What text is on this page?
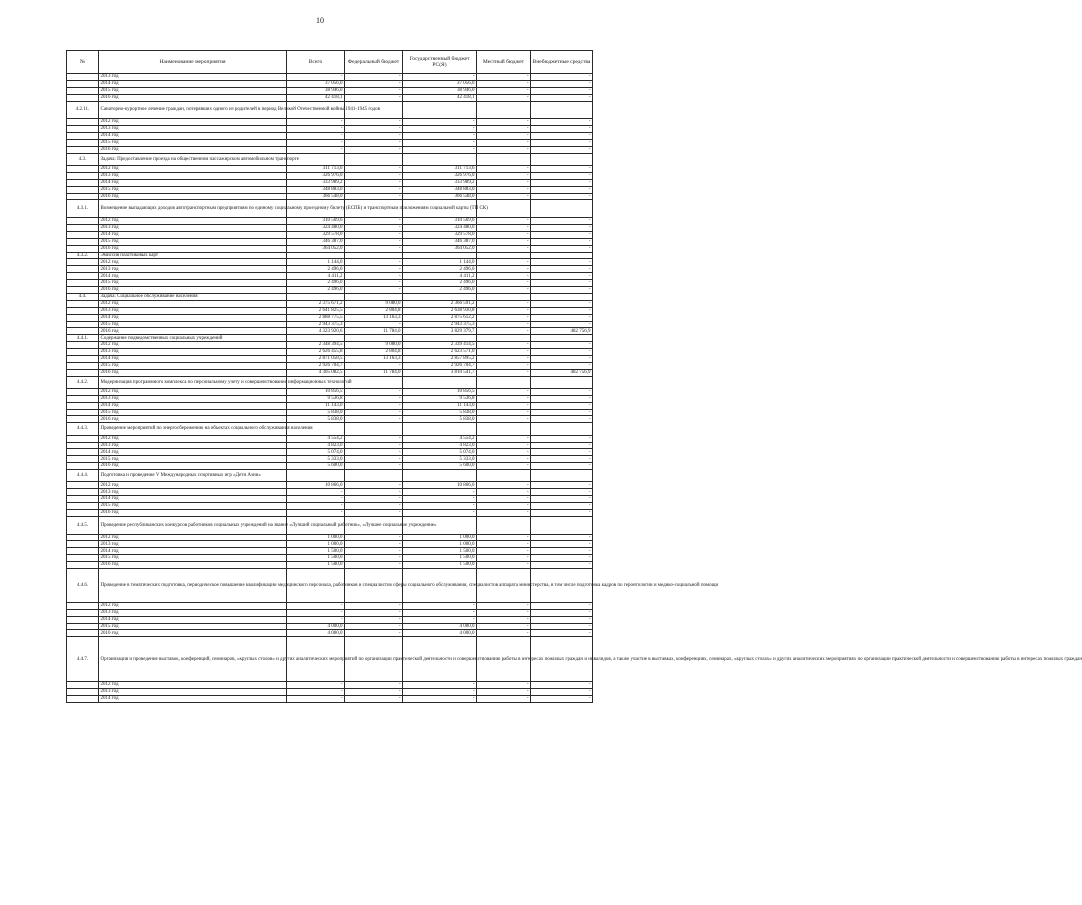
10
№	Наименование мероприятия	Всего	Федеральный бюджет	Государственный бюджет РС(Я)	Местный бюджет	Внебюджетные средства
	2013 год	-	-	-	-	-
	2014 год	37 056,0	-	37 056,0	-	-
	2015 год	38 946,0	-	38 946,0	-	-
	2016 год	42 418,1	-	42 418,1	-	-
4.2.11.	Санаторно-курортное лечение граждан, потерявших одного из родителей в период Великой Отечественной войны 1941-1945 годов					
	2012 год	-	-	-	-	-
	2013 год	-	-	-	-	-
	2014 год	-	-	-	-	-
	2015 год	-	-	-	-	-
	2016 год	-	-	-	-	-
4.3.	Задача: Предоставление проезда на общественном пассажирском автомобильном транспорте					
	2012 год	311 713,6	-	311 713,6	-	-
	2013 год	326 976,0	-	326 976,0	-	-
	2014 год	333 989,2	-	333 989,2	-	-
	2015 год	348 883,0	-	348 883,0	-	-
	2016 год	366 548,0	-	366 548,0	-	-
4.3.1.	Возмещение выпадающих доходов автотранспортным предприятиям по единому социальному проездному билету (ЕСПБ) и транспортным приложениям социальной карты (ТП СК)					
	2012 год	310 569,6	-	310 569,6	-	-
	2013 год	324 480,0	-	324 480,0	-	-
	2014 год	329 578,0	-	329 578,0	-	-
	2015 год	346 387,0	-	346 387,0	-	-
	2016 год	364 052,0	-	364 052,0	-	-
4.3.2.	Эмиссия пластиковых карт					
	2012 год	1 144,0	-	1 144,0	-	-
	2013 год	2 496,0	-	2 496,0	-	-
	2014 год	4 411,2	-	4 411,2	-	-
	2015 год	2 496,0	-	2 496,0	-	-
	2016 год	2 496,0	-	2 496,0	-	-
4.4.	Задача: Социальное обслуживание населения					
	2012 год	2 375 671,2	9 080,0	2 366 591,2	-	-
	2013 год	2 641 825,5	2 804,8	2 638 930,8	-	-
	2014 год	2 888 775,5	13 163,3	2 875 612,2	-	-
	2015 год	2 943 375,3	-	2 943 375,3	-	-
	2016 год	4 323 920,6	11 784,0	3 829 379,7	-	482 756,9
4.4.1.	Содержание подведомственных социальных учреждений					
	2012 год	2 348 394,5	9 080,0	2 339 414,5	-	-
	2013 год	2 626 455,8	2 804,8	2 623 571,0	-	-
	2014 год	2 871 058,5	13 163,3	2 857 895,2	-	-
	2015 год	2 926 704,7	-	2 926 704,7	-	-
	2016 год	4 305 082,5	11 784,0	3 810 541,7	-	482 756,9
4.4.2.	Модернизация программного комплекса по персональному учету и совершенствование информационных технологий					
	2012 год	10 856,5	-	10 856,5	-	-
	2013 год	9 536,8	-	9 536,8	-	-
	2014 год	11 143,0	-	11 143,0	-	-
	2015 год	5 838,0	-	5 838,0	-	-
	2016 год	5 838,0	-	5 838,0	-	-
4.4.3.	Проведение мероприятий по энергосбережению на объектах социального обслуживания населения					
	2012 год	4 554,2	-	4 554,2	-	-
	2013 год	4 823,0	-	4 823,0	-	-
	2014 год	5 074,0	-	5 074,0	-	-
	2015 год	5 333,0	-	5 333,0	-	-
	2016 год	5 600,0	-	5 600,0	-	-
4.4.4.	Подготовка и проведение V Международных спортивных игр «Дети Азии»					
	2012 год	10 866,0	-	10 866,0	-	-
	2013 год	-	-	-	-	-
	2014 год	-	-	-	-	-
	2015 год	-	-	-	-	-
	2016 год	-	-	-	-	-
4.4.5.	Проведение республиканских конкурсов работников социальных учреждений на звание «Лучший социальный работник», «Лучшее социальное учреждение»					
	2012 год	1 000,0	-	1 000,0	-	-
	2013 год	1 000,0	-	1 000,0	-	-
	2014 год	1 500,0	-	1 500,0	-	-
	2015 год	1 500,0	-	1 500,0	-	-
	2016 год	1 500,0	-	1 500,0	-	-
4.4.6.	Проведение в тематических подготовка, периодическое повышение квалификации медицинского персонала, работников и специалистов сферы социального обслуживания, специалистов аппарата министерства, в том числе подготовка кадров по геронтологии и медико-социальной помощи					
	2012 год	-	-	-	-	-
	2013 год	-	-	-	-	-
	2014 год	-	-	-	-	-
	2015 год	4 000,0	-	4 000,0	-	-
	2016 год	4 000,0	-	4 000,0	-	-
4.4.7.	Организация и проведение выставок, конференций, семинаров, «круглых столов» и других аналитических мероприятий по организации практической деятельности и совершенствованию работы в интересах пожилых граждан и инвалидов, а также участие в выставках, конференциях, семинарах, «круглых столах» и других аналитических мероприятиях по организации практической деятельности и совершенствованию работы в интересах пожилых граждан					
	2012 год	-	-	-	-	-
	2013 год	-	-	-	-	-
	2014 год	-	-	-	-	-
